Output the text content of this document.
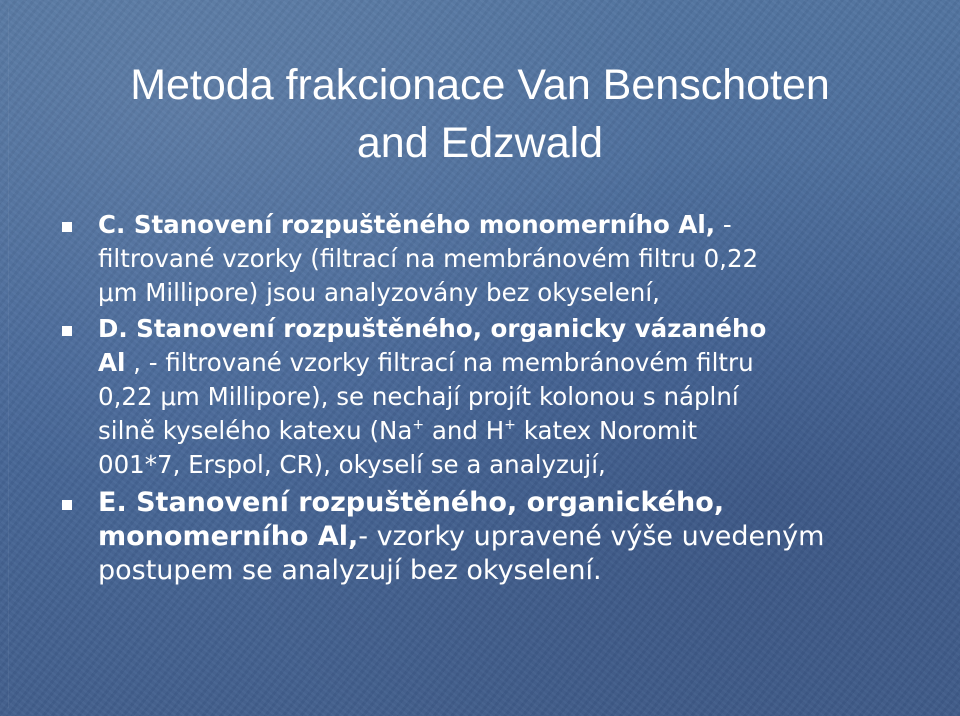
Metoda frakcionace Van Benschoten
and Edzwald
C. Stanovení rozpuštěného monomerního Al, -
filtrované vzorky (filtrací na membránovém filtru 0,22
μm Millipore) jsou analyzovány bez okyselení,
D. Stanovení rozpuštěného, organicky vázaného
Al , - filtrované vzorky filtrací na membránovém filtru
0,22 μm Millipore), se nechají projít kolonou s náplní
silně kyselého katexu (Na+ and H+ katex Noromit
001*7, Erspol, CR), okyselí se a analyzují,
E. Stanovení rozpuštěného, organického,
monomerního Al,- vzorky upravené výše uvedeným
postupem se analyzují bez okyselení.
